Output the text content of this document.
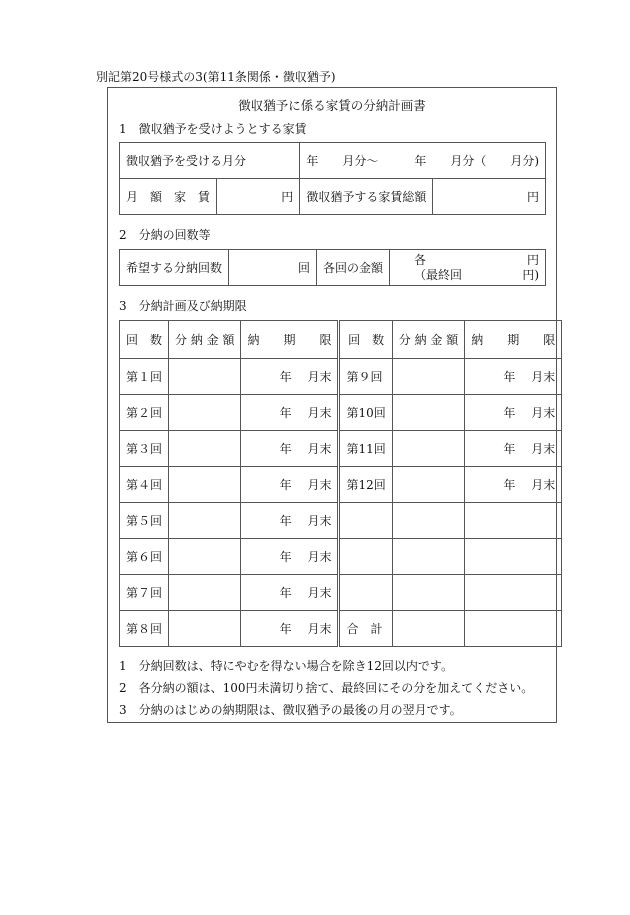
別記第20号様式の3(第11条関係・徴収猶予)
徴収猶予に係る家賃の分納計画書
1　徴収猶予を受けようとする家賃
徴収猶予を受ける月分		年　　月分～　　　年　　月分（　　月分)	
月　額　家　賃	円	徴収猶予する家賃総額	円
2　分納の回数等
希望する分納回数	回	各回の金額	
各	円
（最終回	円)
3　分納計画及び納期限
回　数	分 納 金 額	納　　期　　限	回　数	分 納 金 額	納　　期　　限
第１回		年　 月末	第９回		年　 月末
第２回		年　 月末	第10回		年　 月末
第３回		年　 月末	第11回		年　 月末
第４回		年　 月末	第12回		年　 月末
第５回		年　 月末			
第６回		年　 月末			
第７回		年　 月末			
第８回		年　 月末	合　計		
1　分納回数は、特にやむを得ない場合を除き12回以内です。
2　各分納の額は、100円未満切り捨て、最終回にその分を加えてください。
3　分納のはじめの納期限は、徴収猶予の最後の月の翌月です。
